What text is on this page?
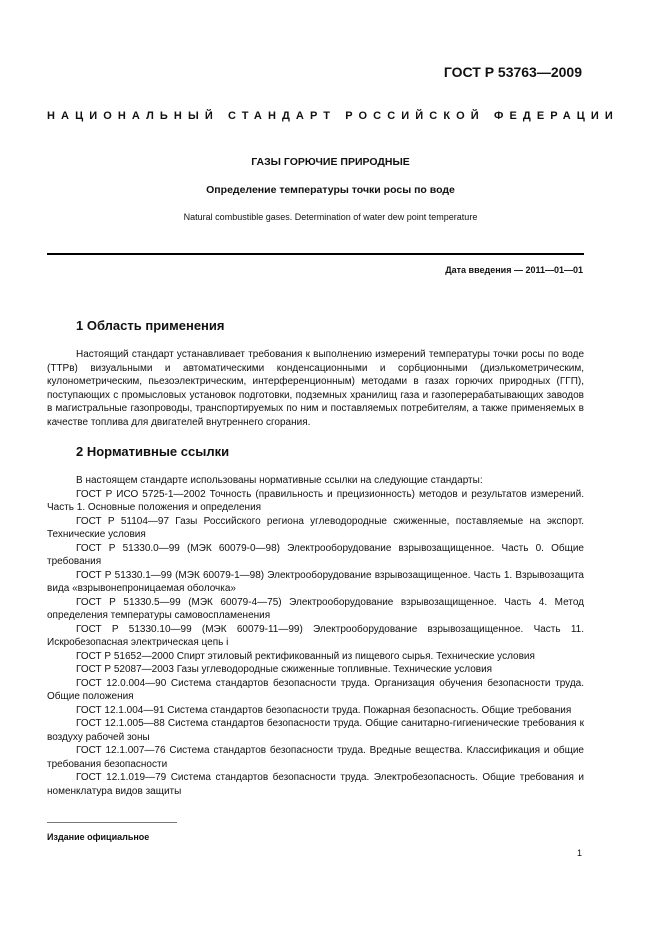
ГОСТ Р 53763—2009
НАЦИОНАЛЬНЫЙ СТАНДАРТ РОССИЙСКОЙ ФЕДЕРАЦИИ
ГАЗЫ ГОРЮЧИЕ ПРИРОДНЫЕ
Определение температуры точки росы по воде
Natural combustible gases. Determination of water dew point temperature
Дата введения — 2011—01—01
1 Область применения

Настоящий стандарт устанавливает требования к выполнению измерений температуры точки росы по воде (ТТРв) визуальными и автоматическими конденсационными и сорбционными (диэлькометрическим, кулонометрическим, пьезоэлектрическим, интерференционным) методами в газах горючих природных (ГГП), поступающих с промысловых установок подготовки, подземных хранилищ газа и газоперерабатывающих заводов в магистральные газопроводы, транспортируемых по ним и поставляемых потребителям, а также применяемых в качестве топлива для двигателей внутреннего сгорания.

2 Нормативные ссылки

В настоящем стандарте использованы нормативные ссылки на следующие стандарты:

ГОСТ Р ИСО 5725-1—2002 Точность (правильность и прецизионность) методов и результатов измерений. Часть 1. Основные положения и определения

ГОСТ Р 51104—97 Газы Российского региона углеводородные сжиженные, поставляемые на экспорт. Технические условия

ГОСТ Р 51330.0—99 (МЭК 60079-0—98) Электрооборудование взрывозащищенное. Часть 0. Общие требования

ГОСТ Р 51330.1—99 (МЭК 60079-1—98) Электрооборудование взрывозащищенное. Часть 1. Взрывозащита вида «взрывонепроницаемая оболочка»

ГОСТ Р 51330.5—99 (МЭК 60079-4—75) Электрооборудование взрывозащищенное. Часть 4. Метод определения температуры самовоспламенения

ГОСТ Р 51330.10—99 (МЭК 60079-11—99) Электрооборудование взрывозащищенное. Часть 11. Искробезопасная электрическая цепь i

ГОСТ Р 51652—2000 Спирт этиловый ректификованный из пищевого сырья. Технические условия

ГОСТ Р 52087—2003 Газы углеводородные сжиженные топливные. Технические условия

ГОСТ 12.0.004—90 Система стандартов безопасности труда. Организация обучения безопасности труда. Общие положения

ГОСТ 12.1.004—91 Система стандартов безопасности труда. Пожарная безопасность. Общие требования

ГОСТ 12.1.005—88 Система стандартов безопасности труда. Общие санитарно-гигиенические требования к воздуху рабочей зоны

ГОСТ 12.1.007—76 Система стандартов безопасности труда. Вредные вещества. Классификация и общие требования безопасности

ГОСТ 12.1.019—79 Система стандартов безопасности труда. Электробезопасность. Общие требования и номенклатура видов защиты

Издание официальное
1
